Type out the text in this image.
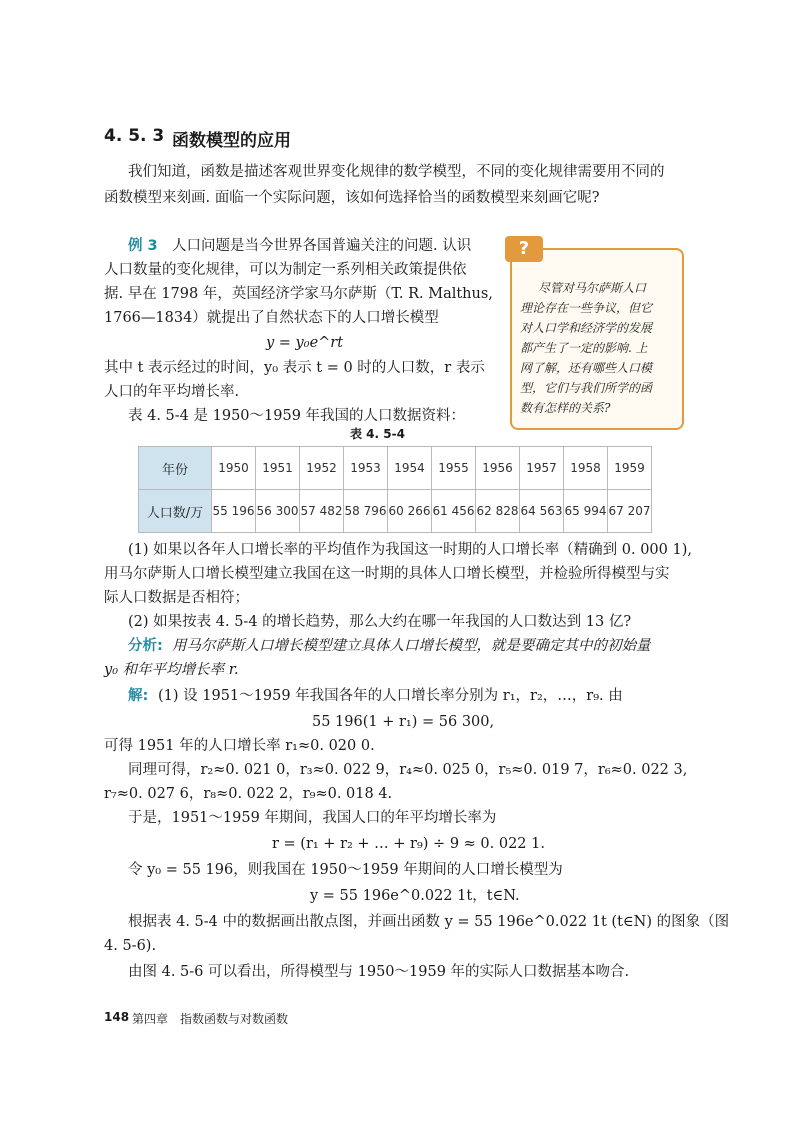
4. 5. 3 函数模型的应用
我们知道，函数是描述客观世界变化规律的数学模型，不同的变化规律需要用不同的
函数模型来刻画. 面临一个实际问题，该如何选择恰当的函数模型来刻画它呢?
例 3 人口问题是当今世界各国普遍关注的问题. 认识
人口数量的变化规律，可以为制定一系列相关政策提供依
据. 早在 1798 年，英国经济学家马尔萨斯（T. R. Malthus,
1766—1834）就提出了自然状态下的人口增长模型
y = y₀e^rt
其中 t 表示经过的时间，y₀ 表示 t = 0 时的人口数，r 表示
人口的年平均增长率.
表 4. 5-4 是 1950～1959 年我国的人口数据资料：
?
尽管对马尔萨斯人口
理论存在一些争议，但它
对人口学和经济学的发展
都产生了一定的影响. 上
网了解，还有哪些人口模
型，它们与我们所学的函
数有怎样的关系?
表 4. 5-4
年份	1950	1951	1952	1953	1954	1955	1956	1957	1958	1959
人口数/万	55 196	56 300	57 482	58 796	60 266	61 456	62 828	64 563	65 994	67 207
(1) 如果以各年人口增长率的平均值作为我国这一时期的人口增长率（精确到 0. 000 1),
用马尔萨斯人口增长模型建立我国在这一时期的具体人口增长模型，并检验所得模型与实
际人口数据是否相符；
(2) 如果按表 4. 5-4 的增长趋势，那么大约在哪一年我国的人口数达到 13 亿?
分析: 用马尔萨斯人口增长模型建立具体人口增长模型，就是要确定其中的初始量
y₀ 和年平均增长率 r.
解: (1) 设 1951～1959 年我国各年的人口增长率分别为 r₁，r₂，…，r₉. 由
55 196(1 + r₁) = 56 300,
可得 1951 年的人口增长率 r₁≈0. 020 0.
同理可得，r₂≈0. 021 0，r₃≈0. 022 9，r₄≈0. 025 0，r₅≈0. 019 7，r₆≈0. 022 3,
r₇≈0. 027 6，r₈≈0. 022 2，r₉≈0. 018 4.
于是，1951～1959 年期间，我国人口的年平均增长率为
r = (r₁ + r₂ + … + r₉) ÷ 9 ≈ 0. 022 1.
令 y₀ = 55 196，则我国在 1950～1959 年期间的人口增长模型为
y = 55 196e^0.022 1t，t∈N.
根据表 4. 5-4 中的数据画出散点图，并画出函数 y = 55 196e^0.022 1t (t∈N) 的图象（图
4. 5-6).
由图 4. 5-6 可以看出，所得模型与 1950～1959 年的实际人口数据基本吻合.
148 第四章 指数函数与对数函数
